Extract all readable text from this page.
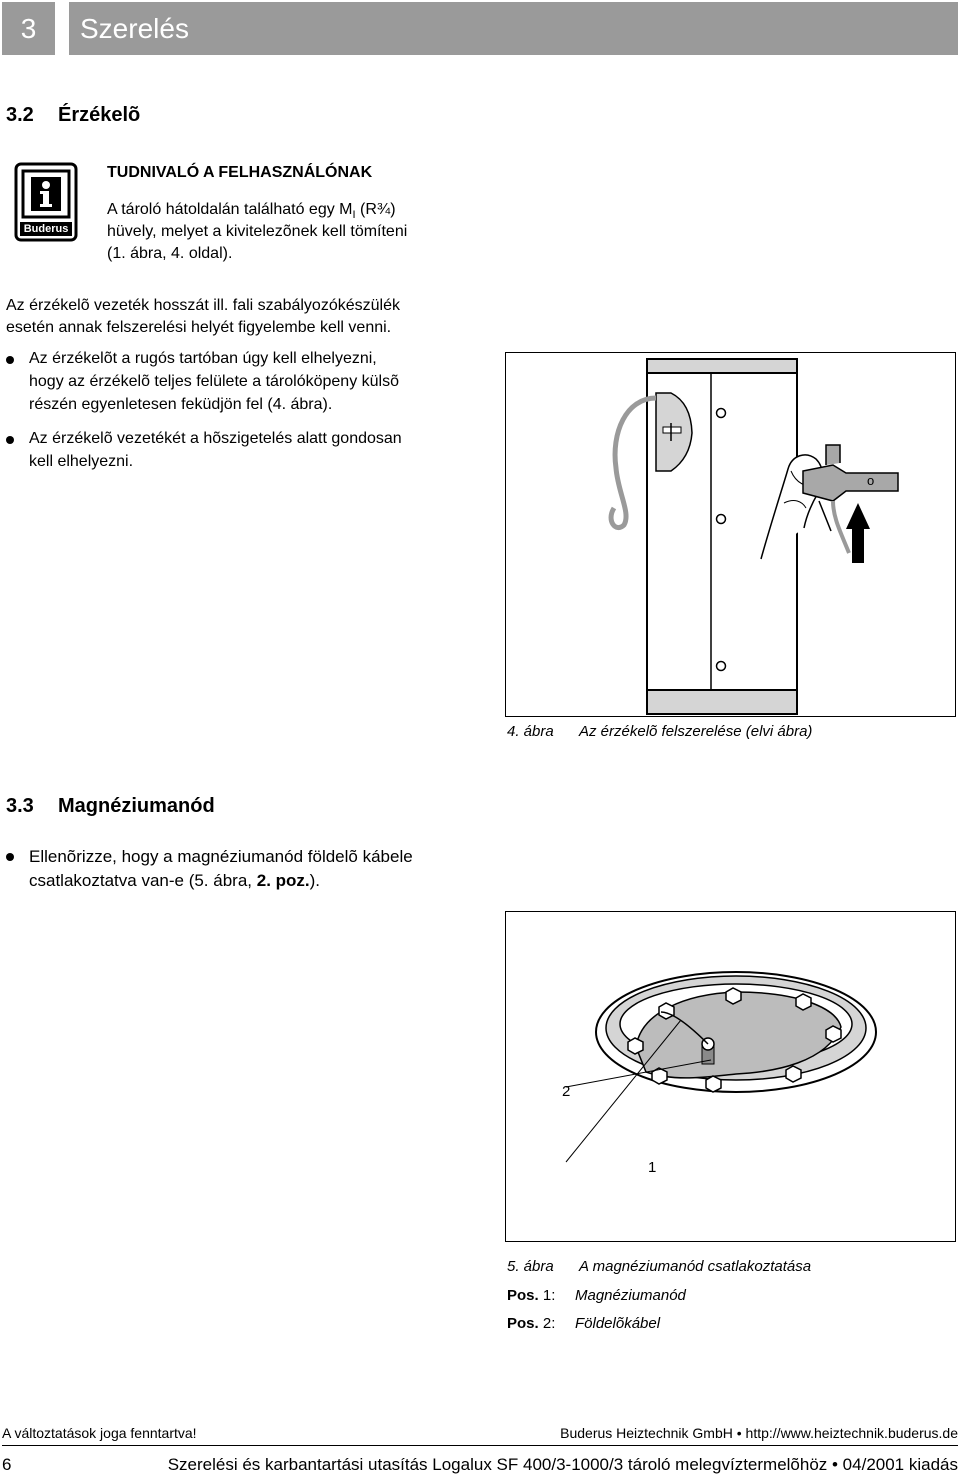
3	Szerelés
3.2 Érzékelõ
Buderus
TUDNIVALÓ A FELHASZNÁLÓNAK
A tároló hátoldalán található egy $M_I$ (R¾)
hüvely, melyet a kivitelezõnek kell tömíteni
(1. ábra, 4. oldal).
Az érzékelõ vezeték hosszát ill. fali szabályozókészülék
esetén annak felszerelési helyét figyelembe kell venni.
Az érzékelõt a rugós tartóban úgy kell elhelyezni,
hogy az érzékelõ teljes felülete a tárolóköpeny külsõ
részén egyenletesen feküdjön fel (4. ábra).
Az érzékelõ vezetékét a hõszigetelés alatt gondosan
kell elhelyezni.
o
4. ábra Az érzékelõ felszerelése (elvi ábra)
3.3 Magnéziumanód
Ellenõrizze, hogy a magnéziumanód földelõ kábele
csatlakoztatva van-e (5. ábra, 2. poz.).
2
1
5. ábra A magnéziumanód csatlakoztatása
Pos. 1: Magnéziumanód
Pos. 2: Földelõkábel
A változtatások joga fenntartva!	Buderus Heiztechnik GmbH • http://www.heiztechnik.buderus.de
6	Szerelési és karbantartási utasítás Logalux SF 400/3-1000/3 tároló melegvíztermelõhöz • 04/2001 kiadás
